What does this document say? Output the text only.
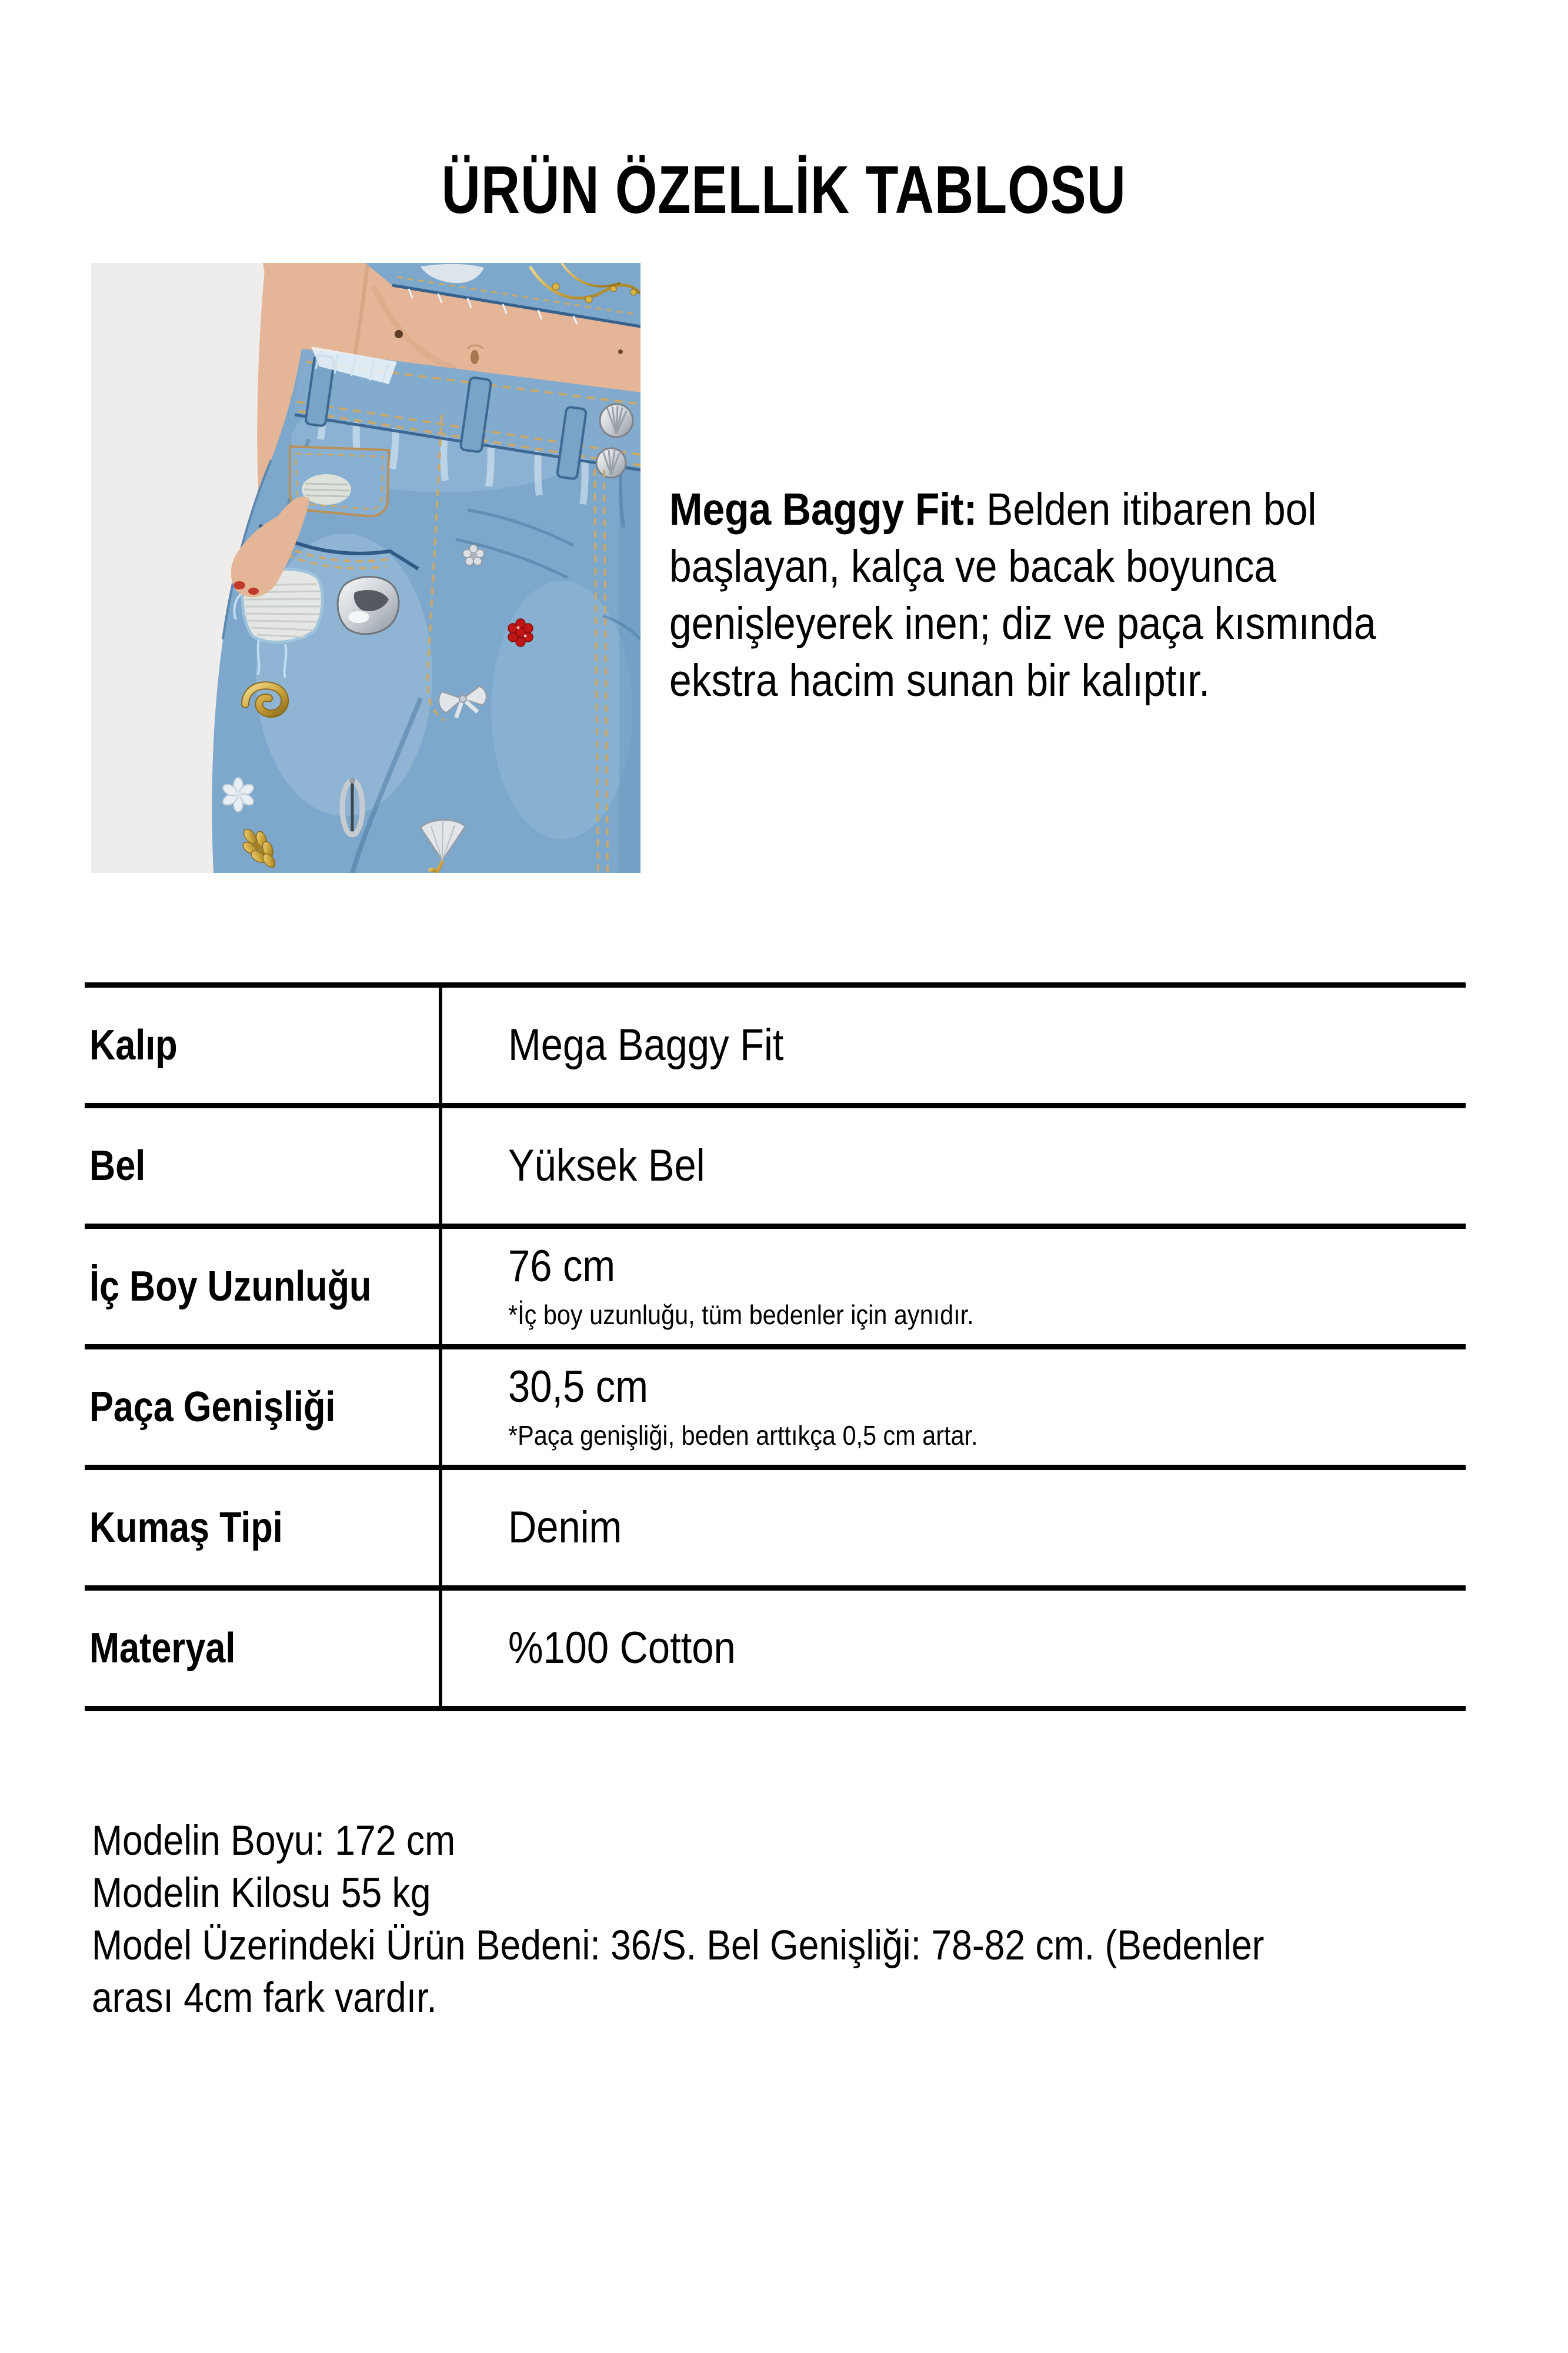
ÜRÜN ÖZELLİK TABLOSU
Mega Baggy Fit: Belden itibaren bol
başlayan, kalça ve bacak boyunca
genişleyerek inen; diz ve paça kısmında
ekstra hacim sunan bir kalıptır.
Kalıp	Mega Baggy Fit
Bel	Yüksek Bel
İç Boy Uzunluğu	76 cm
*İç boy uzunluğu, tüm bedenler için aynıdır.
Paça Genişliği	30,5 cm
*Paça genişliği, beden arttıkça 0,5 cm artar.
Kumaş Tipi	Denim
Materyal	%100 Cotton
Modelin Boyu: 172 cm
Modelin Kilosu 55 kg
Model Üzerindeki Ürün Bedeni: 36/S. Bel Genişliği: 78-82 cm. (Bedenler
arası 4cm fark vardır.
